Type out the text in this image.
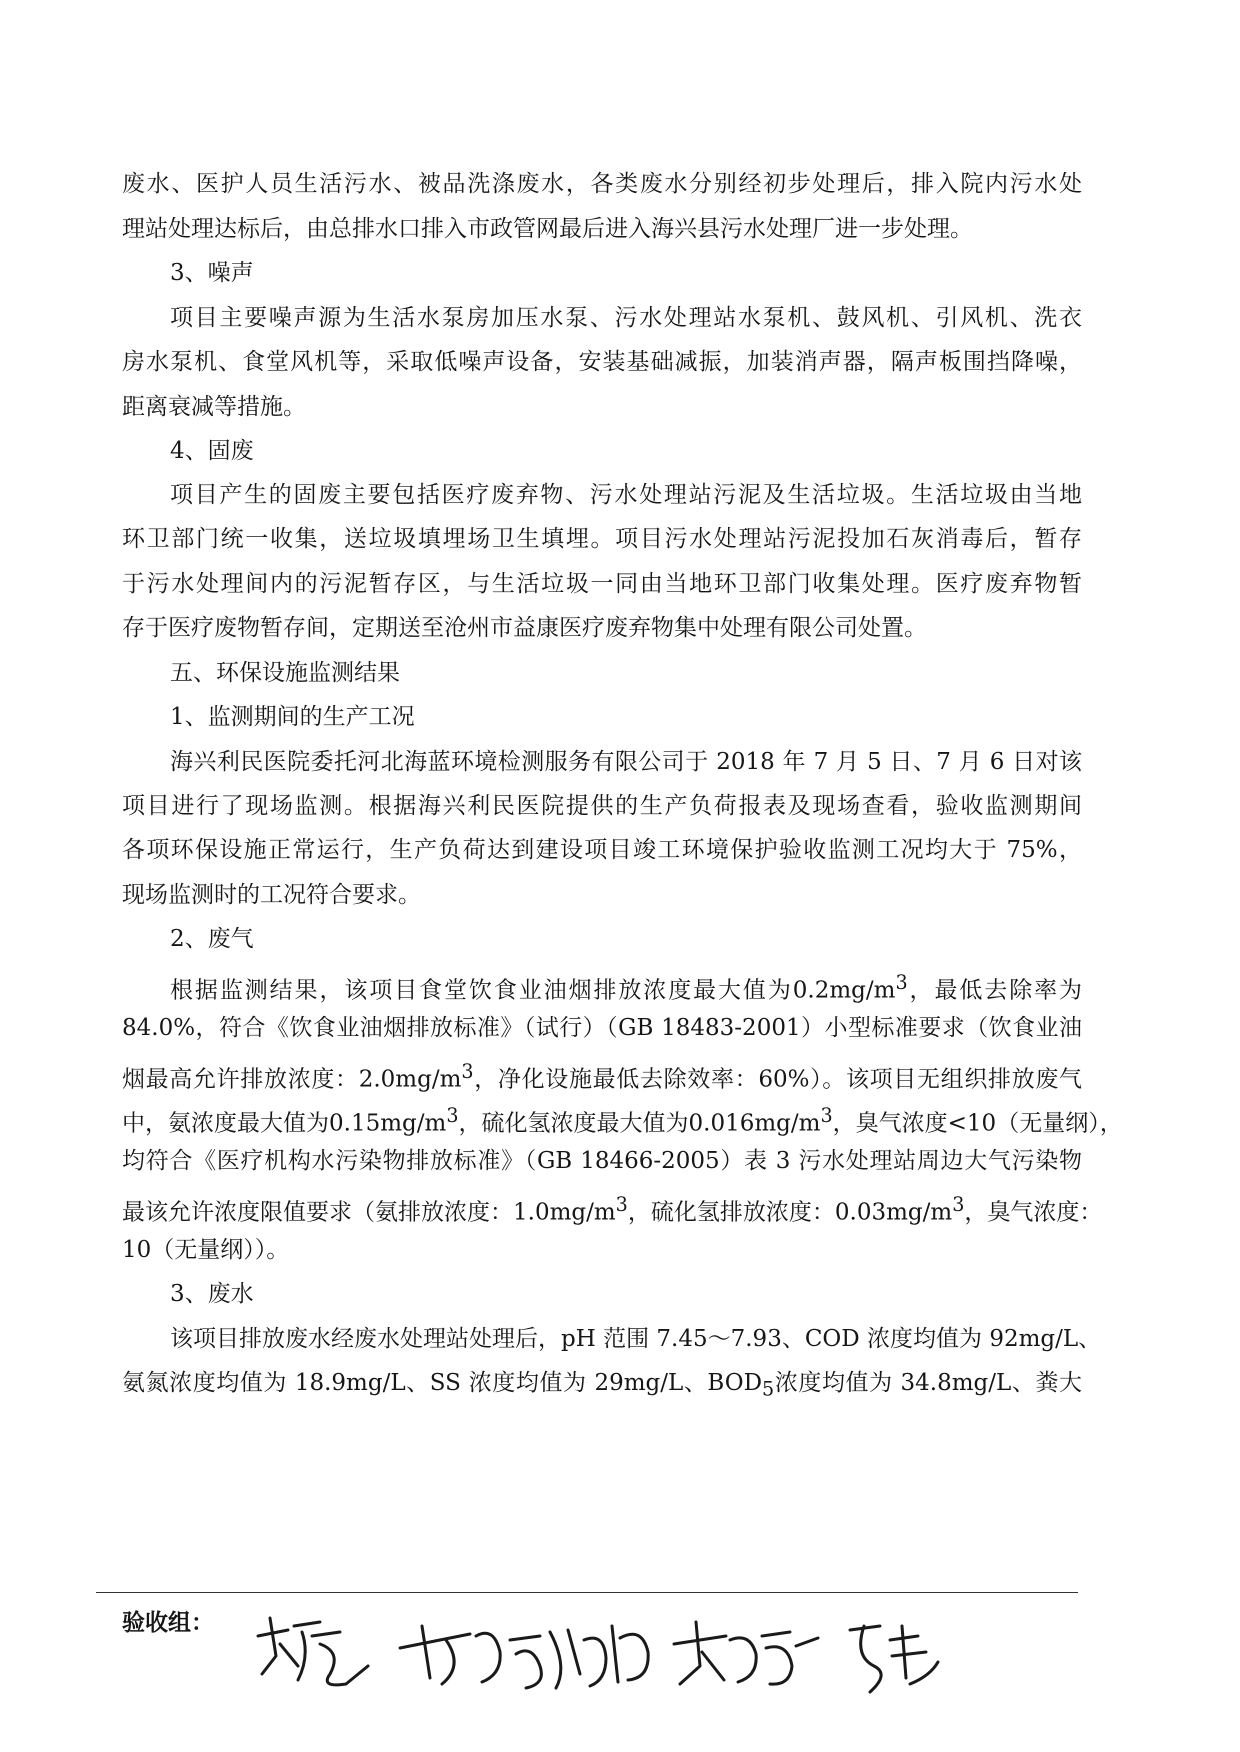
废水、医护人员生活污水、被品洗涤废水，各类废水分别经初步处理后，排入院内污水处
理站处理达标后，由总排水口排入市政管网最后进入海兴县污水处理厂进一步处理。
3、噪声
项目主要噪声源为生活水泵房加压水泵、污水处理站水泵机、鼓风机、引风机、洗衣
房水泵机、食堂风机等，采取低噪声设备，安装基础减振，加装消声器，隔声板围挡降噪，
距离衰减等措施。
4、固废
项目产生的固废主要包括医疗废弃物、污水处理站污泥及生活垃圾。生活垃圾由当地
环卫部门统一收集，送垃圾填埋场卫生填埋。项目污水处理站污泥投加石灰消毒后，暂存
于污水处理间内的污泥暂存区，与生活垃圾一同由当地环卫部门收集处理。医疗废弃物暂
存于医疗废物暂存间，定期送至沧州市益康医疗废弃物集中处理有限公司处置。
五、环保设施监测结果
1、监测期间的生产工况
海兴利民医院委托河北海蓝环境检测服务有限公司于 2018 年 7 月 5 日、7 月 6 日对该
项目进行了现场监测。根据海兴利民医院提供的生产负荷报表及现场查看，验收监测期间
各项环保设施正常运行，生产负荷达到建设项目竣工环境保护验收监测工况均大于 75%，
现场监测时的工况符合要求。
2、废气
根据监测结果，该项目食堂饮食业油烟排放浓度最大值为$0.2mg/m^3$，最低去除率为
84.0%，符合《饮食业油烟排放标准》（试行）（GB 18483-2001）小型标准要求（饮食业油
烟最高允许排放浓度：$2.0mg/m^3$，净化设施最低去除效率：60%）。该项目无组织排放废气
中，氨浓度最大值为$0.15mg/m^3$，硫化氢浓度最大值为$0.016mg/m^3$，臭气浓度<10（无量纲），
均符合《医疗机构水污染物排放标准》（GB 18466-2005）表 3 污水处理站周边大气污染物
最该允许浓度限值要求（氨排放浓度：$1.0mg/m^3$，硫化氢排放浓度：$0.03mg/m^3$，臭气浓度：
10（无量纲））。
3、废水
该项目排放废水经废水处理站处理后，pH 范围 7.45～7.93、COD 浓度均值为 92mg/L、
氨氮浓度均值为 18.9mg/L、SS 浓度均值为 29mg/L、$BOD_5$浓度均值为 34.8mg/L、粪大
验收组：
